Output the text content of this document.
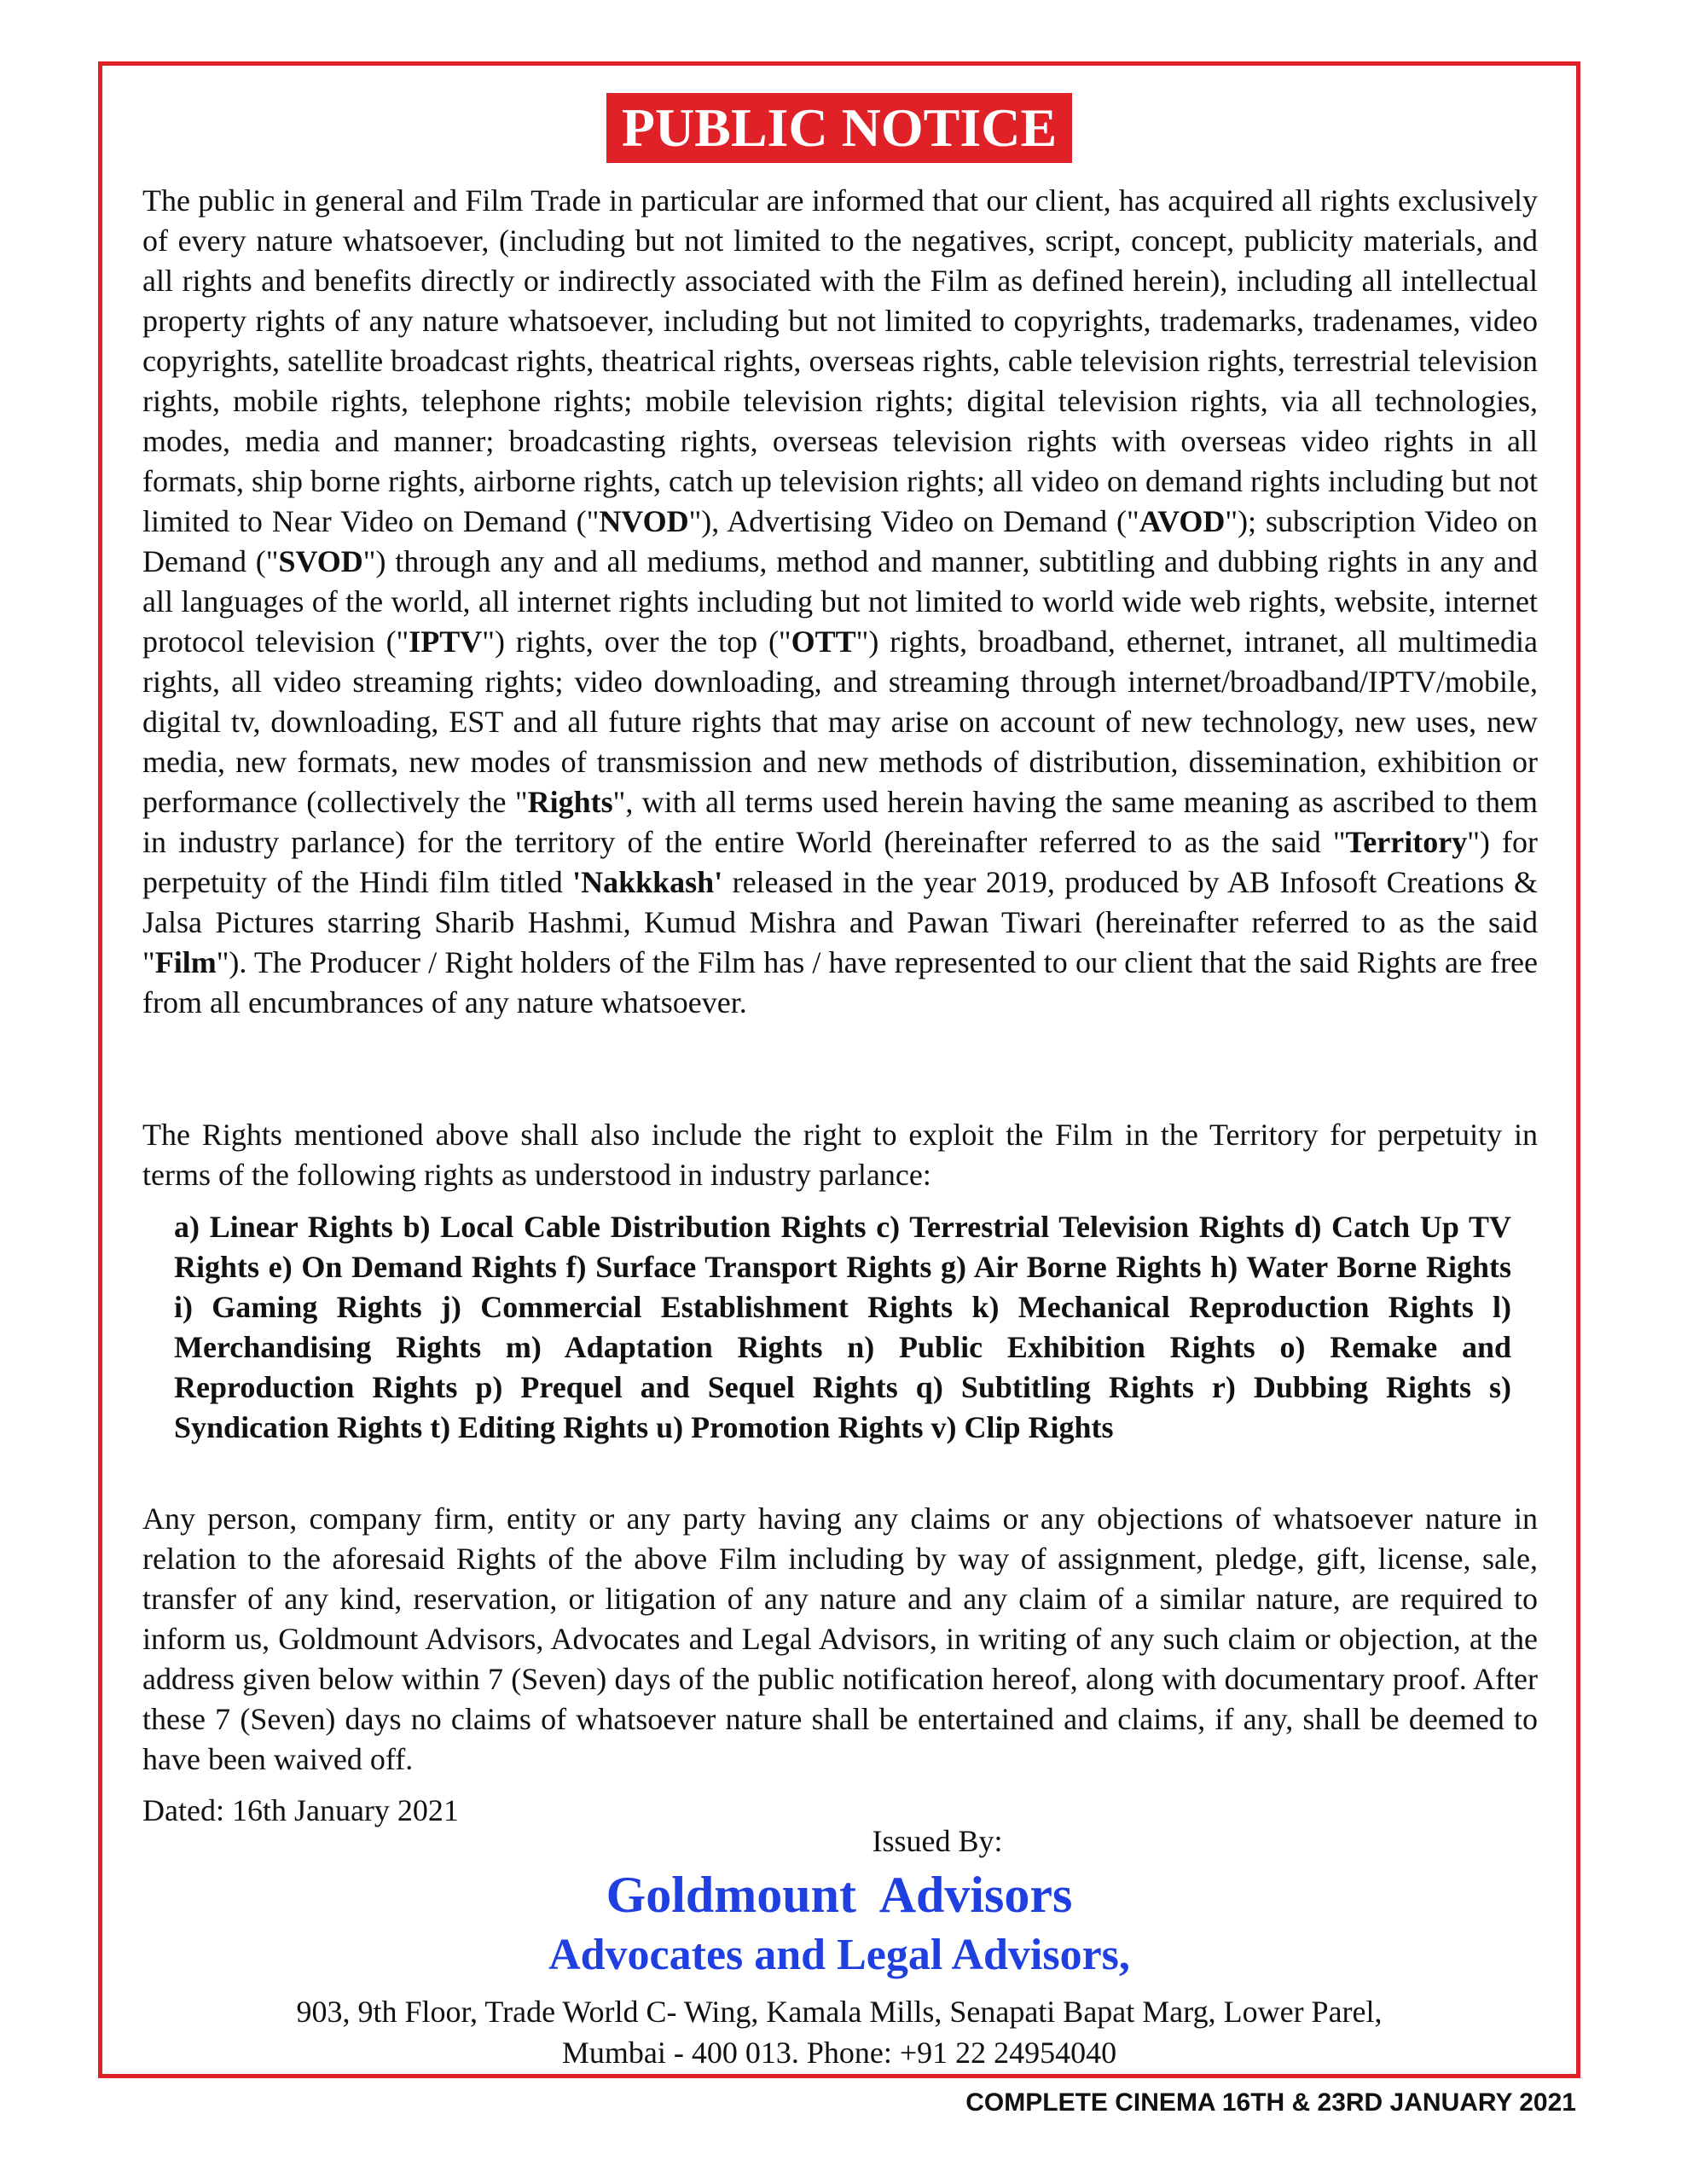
PUBLIC NOTICE

The public in general and Film Trade in particular are informed that our client, has acquired all rights exclusively of every nature whatsoever, (including but not limited to the negatives, script, concept, publicity materials, and all rights and benefits directly or indirectly associated with the Film as defined herein), including all intellectual property rights of any nature whatsoever, including but not limited to copyrights, trademarks, tradenames, video copyrights, satellite broadcast rights, theatrical rights, overseas rights, cable television rights, terrestrial television rights, mobile rights, telephone rights; mobile television rights; digital television rights, via all technologies, modes, media and manner; broadcasting rights, overseas television rights with overseas video rights in all formats, ship borne rights, airborne rights, catch up television rights; all video on demand rights including but not limited to Near Video on Demand ("NVOD"), Advertising Video on Demand ("AVOD"); subscription Video on Demand ("SVOD") through any and all mediums, method and manner, subtitling and dubbing rights in any and all languages of the world, all internet rights including but not limited to world wide web rights, website, internet protocol television ("IPTV") rights, over the top ("OTT") rights, broadband, ethernet, intranet, all multimedia rights, all video streaming rights; video downloading, and streaming through internet/broadband/IPTV/mobile, digital tv, downloading, EST and all future rights that may arise on account of new technology, new uses, new media, new formats, new modes of transmission and new methods of distribution, dissemination, exhibition or performance (collectively the "Rights", with all terms used herein having the same meaning as ascribed to them in industry parlance) for the territory of the entire World (hereinafter referred to as the said "Territory") for perpetuity of the Hindi film titled 'Nakkkash' released in the year 2019, produced by AB Infosoft Creations & Jalsa Pictures starring Sharib Hashmi, Kumud Mishra and Pawan Tiwari (hereinafter referred to as the said "Film"). The Producer / Right holders of the Film has / have represented to our client that the said Rights are free from all encumbrances of any nature whatsoever.

The Rights mentioned above shall also include the right to exploit the Film in the Territory for perpetuity in terms of the following rights as understood in industry parlance:

a) Linear Rights b) Local Cable Distribution Rights c) Terrestrial Television Rights d) Catch Up TV Rights e) On Demand Rights f) Surface Transport Rights g) Air Borne Rights h) Water Borne Rights i) Gaming Rights j) Commercial Establishment Rights k) Mechanical Reproduction Rights l) Merchandising Rights m) Adaptation Rights n) Public Exhibition Rights o) Remake and Reproduction Rights p) Prequel and Sequel Rights q) Subtitling Rights r) Dubbing Rights s) Syndication Rights t) Editing Rights u) Promotion Rights v) Clip Rights

Any person, company firm, entity or any party having any claims or any objections of whatsoever nature in relation to the aforesaid Rights of the above Film including by way of assignment, pledge, gift, license, sale, transfer of any kind, reservation, or litigation of any nature and any claim of a similar nature, are required to inform us, Goldmount Advisors, Advocates and Legal Advisors, in writing of any such claim or objection, at the address given below within 7 (Seven) days of the public notification hereof, along with documentary proof. After these 7 (Seven) days no claims of whatsoever nature shall be entertained and claims, if any, shall be deemed to have been waived off.

Dated: 16th January 2021
Issued By:
Goldmount  Advisors
Advocates and Legal Advisors,
903, 9th Floor, Trade World C- Wing, Kamala Mills, Senapati Bapat Marg, Lower Parel,
Mumbai - 400 013. Phone: +91 22 24954040
COMPLETE CINEMA 16TH & 23RD JANUARY 2021
